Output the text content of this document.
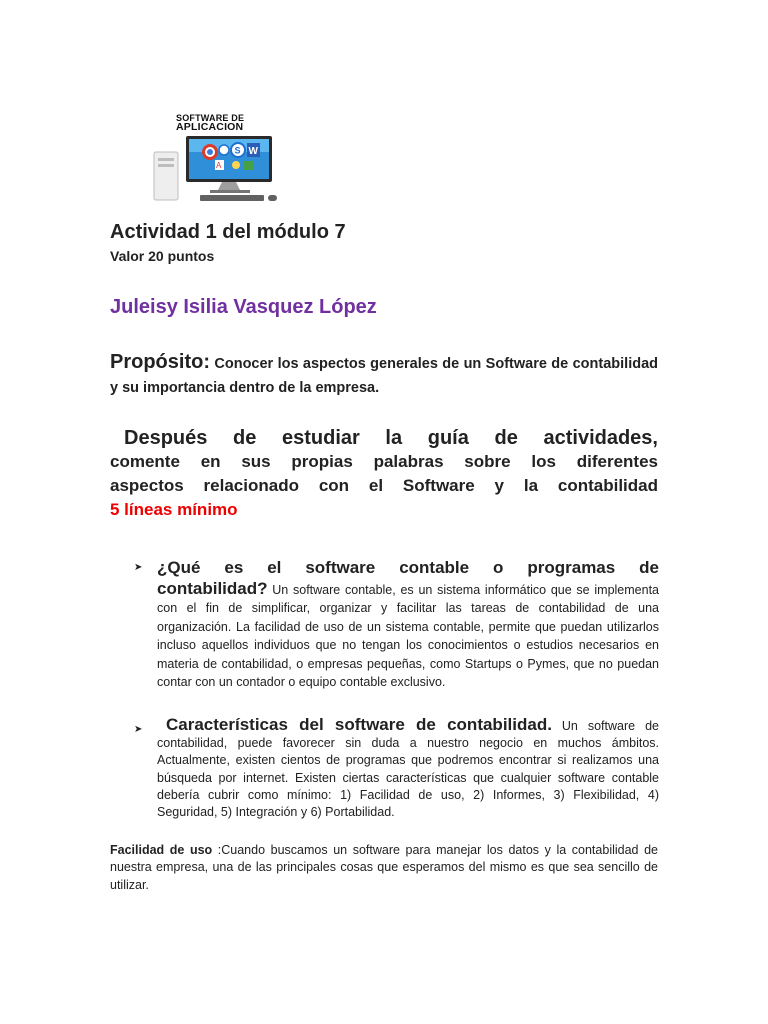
SOFTWARE DE
APLICACION
S W
A
Actividad 1 del módulo 7
Valor 20 puntos
Juleisy Isilia Vasquez López
Propósito: Conocer los aspectos generales de un Software de contabilidad y su importancia dentro de la empresa.
Después de estudiar la guía de actividades,
comente en sus propias palabras sobre los diferentes
aspectos relacionado con el Software y la contabilidad
5 líneas mínimo
➤ ¿Qué es el software contable o programas de
contabilidad? Un software contable, es un sistema informático que se implementa con el fin de simplificar, organizar y facilitar las tareas de contabilidad de una organización. La facilidad de uso de un sistema contable, permite que puedan utilizarlos incluso aquellos individuos que no tengan los conocimientos o estudios necesarios en materia de contabilidad, o empresas pequeñas, como Startups o Pymes, que no puedan contar con un contador o equipo contable exclusivo.
➤	Características del software de contabilidad. Un software de contabilidad, puede favorecer sin duda a nuestro negocio en muchos ámbitos. Actualmente, existen cientos de programas que podremos encontrar si realizamos una búsqueda por internet. Existen ciertas características que cualquier software contable debería cubrir como mínimo: 1) Facilidad de uso, 2) Informes, 3) Flexibilidad, 4) Seguridad, 5) Integración y 6) Portabilidad.
Facilidad de uso :Cuando buscamos un software para manejar los datos y la contabilidad de nuestra empresa, una de las principales cosas que esperamos del mismo es que sea sencillo de utilizar.
